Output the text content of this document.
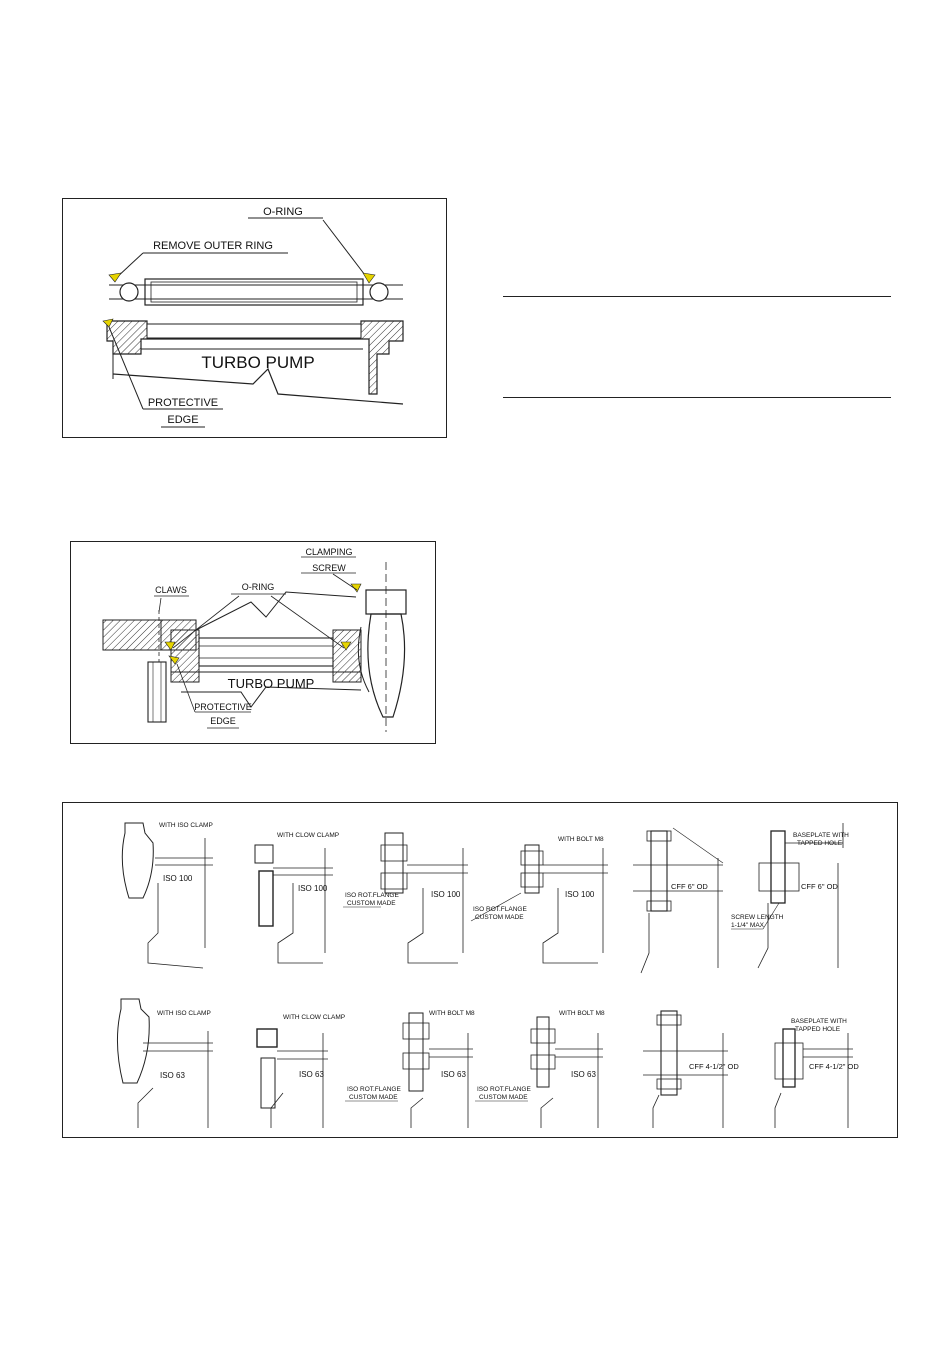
TURBO PUMP
O-RING
REMOVE OUTER RING
PROTECTIVE
EDGE
CLAMPING
SCREW
CLAWS	O-RING
TURBO PUMP
PROTECTIVE
EDGE
WITH ISO CLAMP
ISO 100
WITH CLOW CLAMP
ISO 100
ISO 100
ISO ROT.FLANGE
CUSTOM MADE
WITH BOLT M8
ISO 100
ISO ROT.FLANGE
CUSTOM MADE
CFF 6" OD
BASEPLATE WITH
TAPPED HOLE
CFF 6" OD
SCREW LENGTH
1-1/4" MAX
WITH ISO CLAMP
ISO 63
WITH CLOW CLAMP
ISO 63
WITH BOLT M8
ISO 63
ISO ROT.FLANGE
CUSTOM MADE
WITH BOLT M8
ISO 63
ISO ROT.FLANGE
CUSTOM MADE
CFF 4-1/2" OD
BASEPLATE WITH
TAPPED HOLE
CFF 4-1/2" OD
